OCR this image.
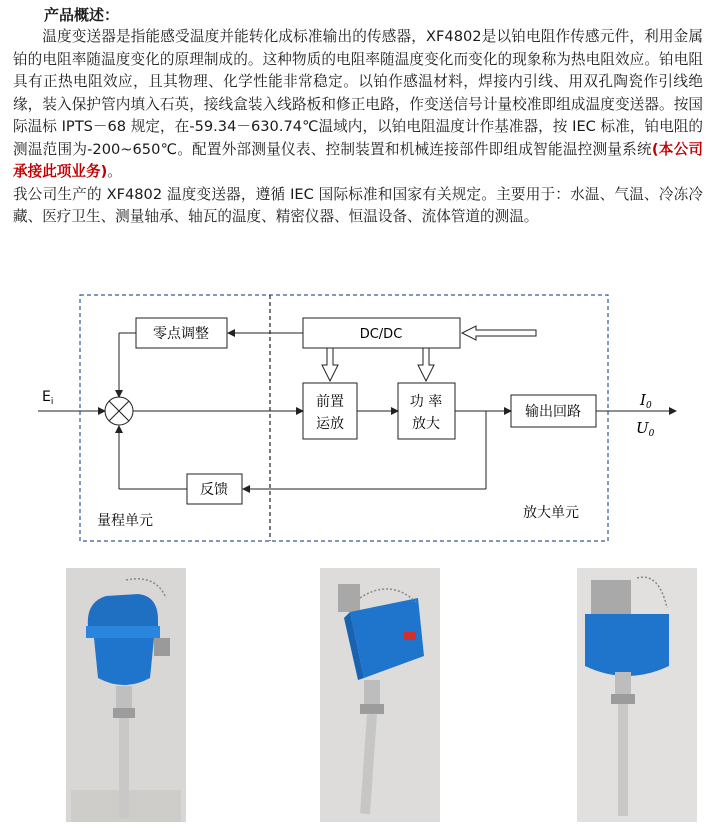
产品概述：

温度变送器是指能感受温度并能转化成标准输出的传感器，XF4802是以铂电阻作传感元件，利用金属铂的电阻率随温度变化的原理制成的。这种物质的电阻率随温度变化而变化的现象称为热电阻效应。铂电阻具有正热电阻效应，且其物理、化学性能非常稳定。以铂作感温材料，焊接内引线、用双孔陶瓷作引线绝缘，装入保护管内填入石英，接线盒装入线路板和修正电路，作变送信号计量校准即组成温度变送器。按国际温标 IPTS－68 规定，在-59.34－630.74℃温域内，以铂电阻温度计作基准器，按 IEC 标准，铂电阻的测温范围为-200~650℃。配置外部测量仪表、控制装置和机械连接部件即组成智能温控测量系统(本公司承接此项业务)。

我公司生产的 XF4802 温度变送器，遵循 IEC 国际标准和国家有关规定。主要用于：水温、气温、冷冻冷藏、医疗卫生、测量轴承、轴瓦的温度、精密仪器、恒温设备、流体管道的测温。

零点调整	DC/DC
前置
运放
功 率
放大
输出回路
反馈
$E_i$	$I_0$
$U_0$
量程单元	放大单元
